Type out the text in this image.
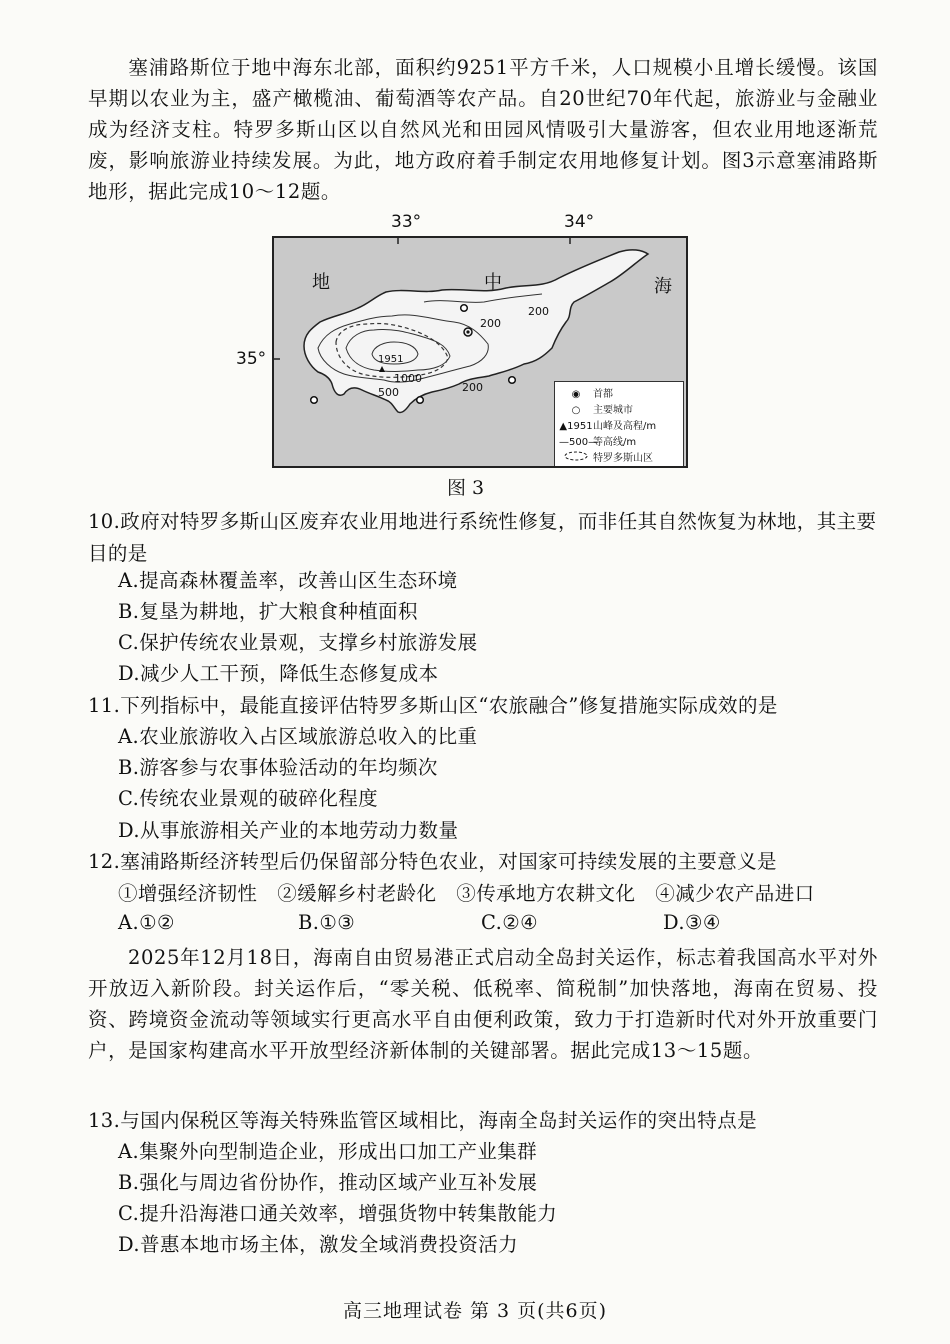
塞浦路斯位于地中海东北部，面积约9251平方千米，人口规模小且增长缓慢。该国早期以农业为主，盛产橄榄油、葡萄酒等农产品。自20世纪70年代起，旅游业与金融业成为经济支柱。特罗多斯山区以自然风光和田园风情吸引大量游客，但农业用地逐渐荒废，影响旅游业持续发展。为此，地方政府着手制定农用地修复计划。图3示意塞浦路斯地形，据此完成10～12题。
33°	34°
35°
地	中	海
200
200
200
1951
1000
500	◉ 首都
○ 主要城市
▲1951山峰及高程/m
—500—等高线/m
特罗多斯山区
图 3
10.政府对特罗多斯山区废弃农业用地进行系统性修复，而非任其自然恢复为林地，其主要目的是
A.提高森林覆盖率，改善山区生态环境
B.复垦为耕地，扩大粮食种植面积
C.保护传统农业景观，支撑乡村旅游发展
D.减少人工干预，降低生态修复成本
11.下列指标中，最能直接评估特罗多斯山区“农旅融合”修复措施实际成效的是
A.农业旅游收入占区域旅游总收入的比重
B.游客参与农事体验活动的年均频次
C.传统农业景观的破碎化程度
D.从事旅游相关产业的本地劳动力数量
12.塞浦路斯经济转型后仍保留部分特色农业，对国家可持续发展的主要意义是
①增强经济韧性　②缓解乡村老龄化　③传承地方农耕文化　④减少农产品进口
A.①②	B.①③	C.②④	D.③④
2025年12月18日，海南自由贸易港正式启动全岛封关运作，标志着我国高水平对外开放迈入新阶段。封关运作后，“零关税、低税率、简税制”加快落地，海南在贸易、投资、跨境资金流动等领域实行更高水平自由便利政策，致力于打造新时代对外开放重要门户，是国家构建高水平开放型经济新体制的关键部署。据此完成13～15题。
13.与国内保税区等海关特殊监管区域相比，海南全岛封关运作的突出特点是
A.集聚外向型制造企业，形成出口加工产业集群
B.强化与周边省份协作，推动区域产业互补发展
C.提升沿海港口通关效率，增强货物中转集散能力
D.普惠本地市场主体，激发全域消费投资活力
高三地理试卷 第 3 页(共6页)
